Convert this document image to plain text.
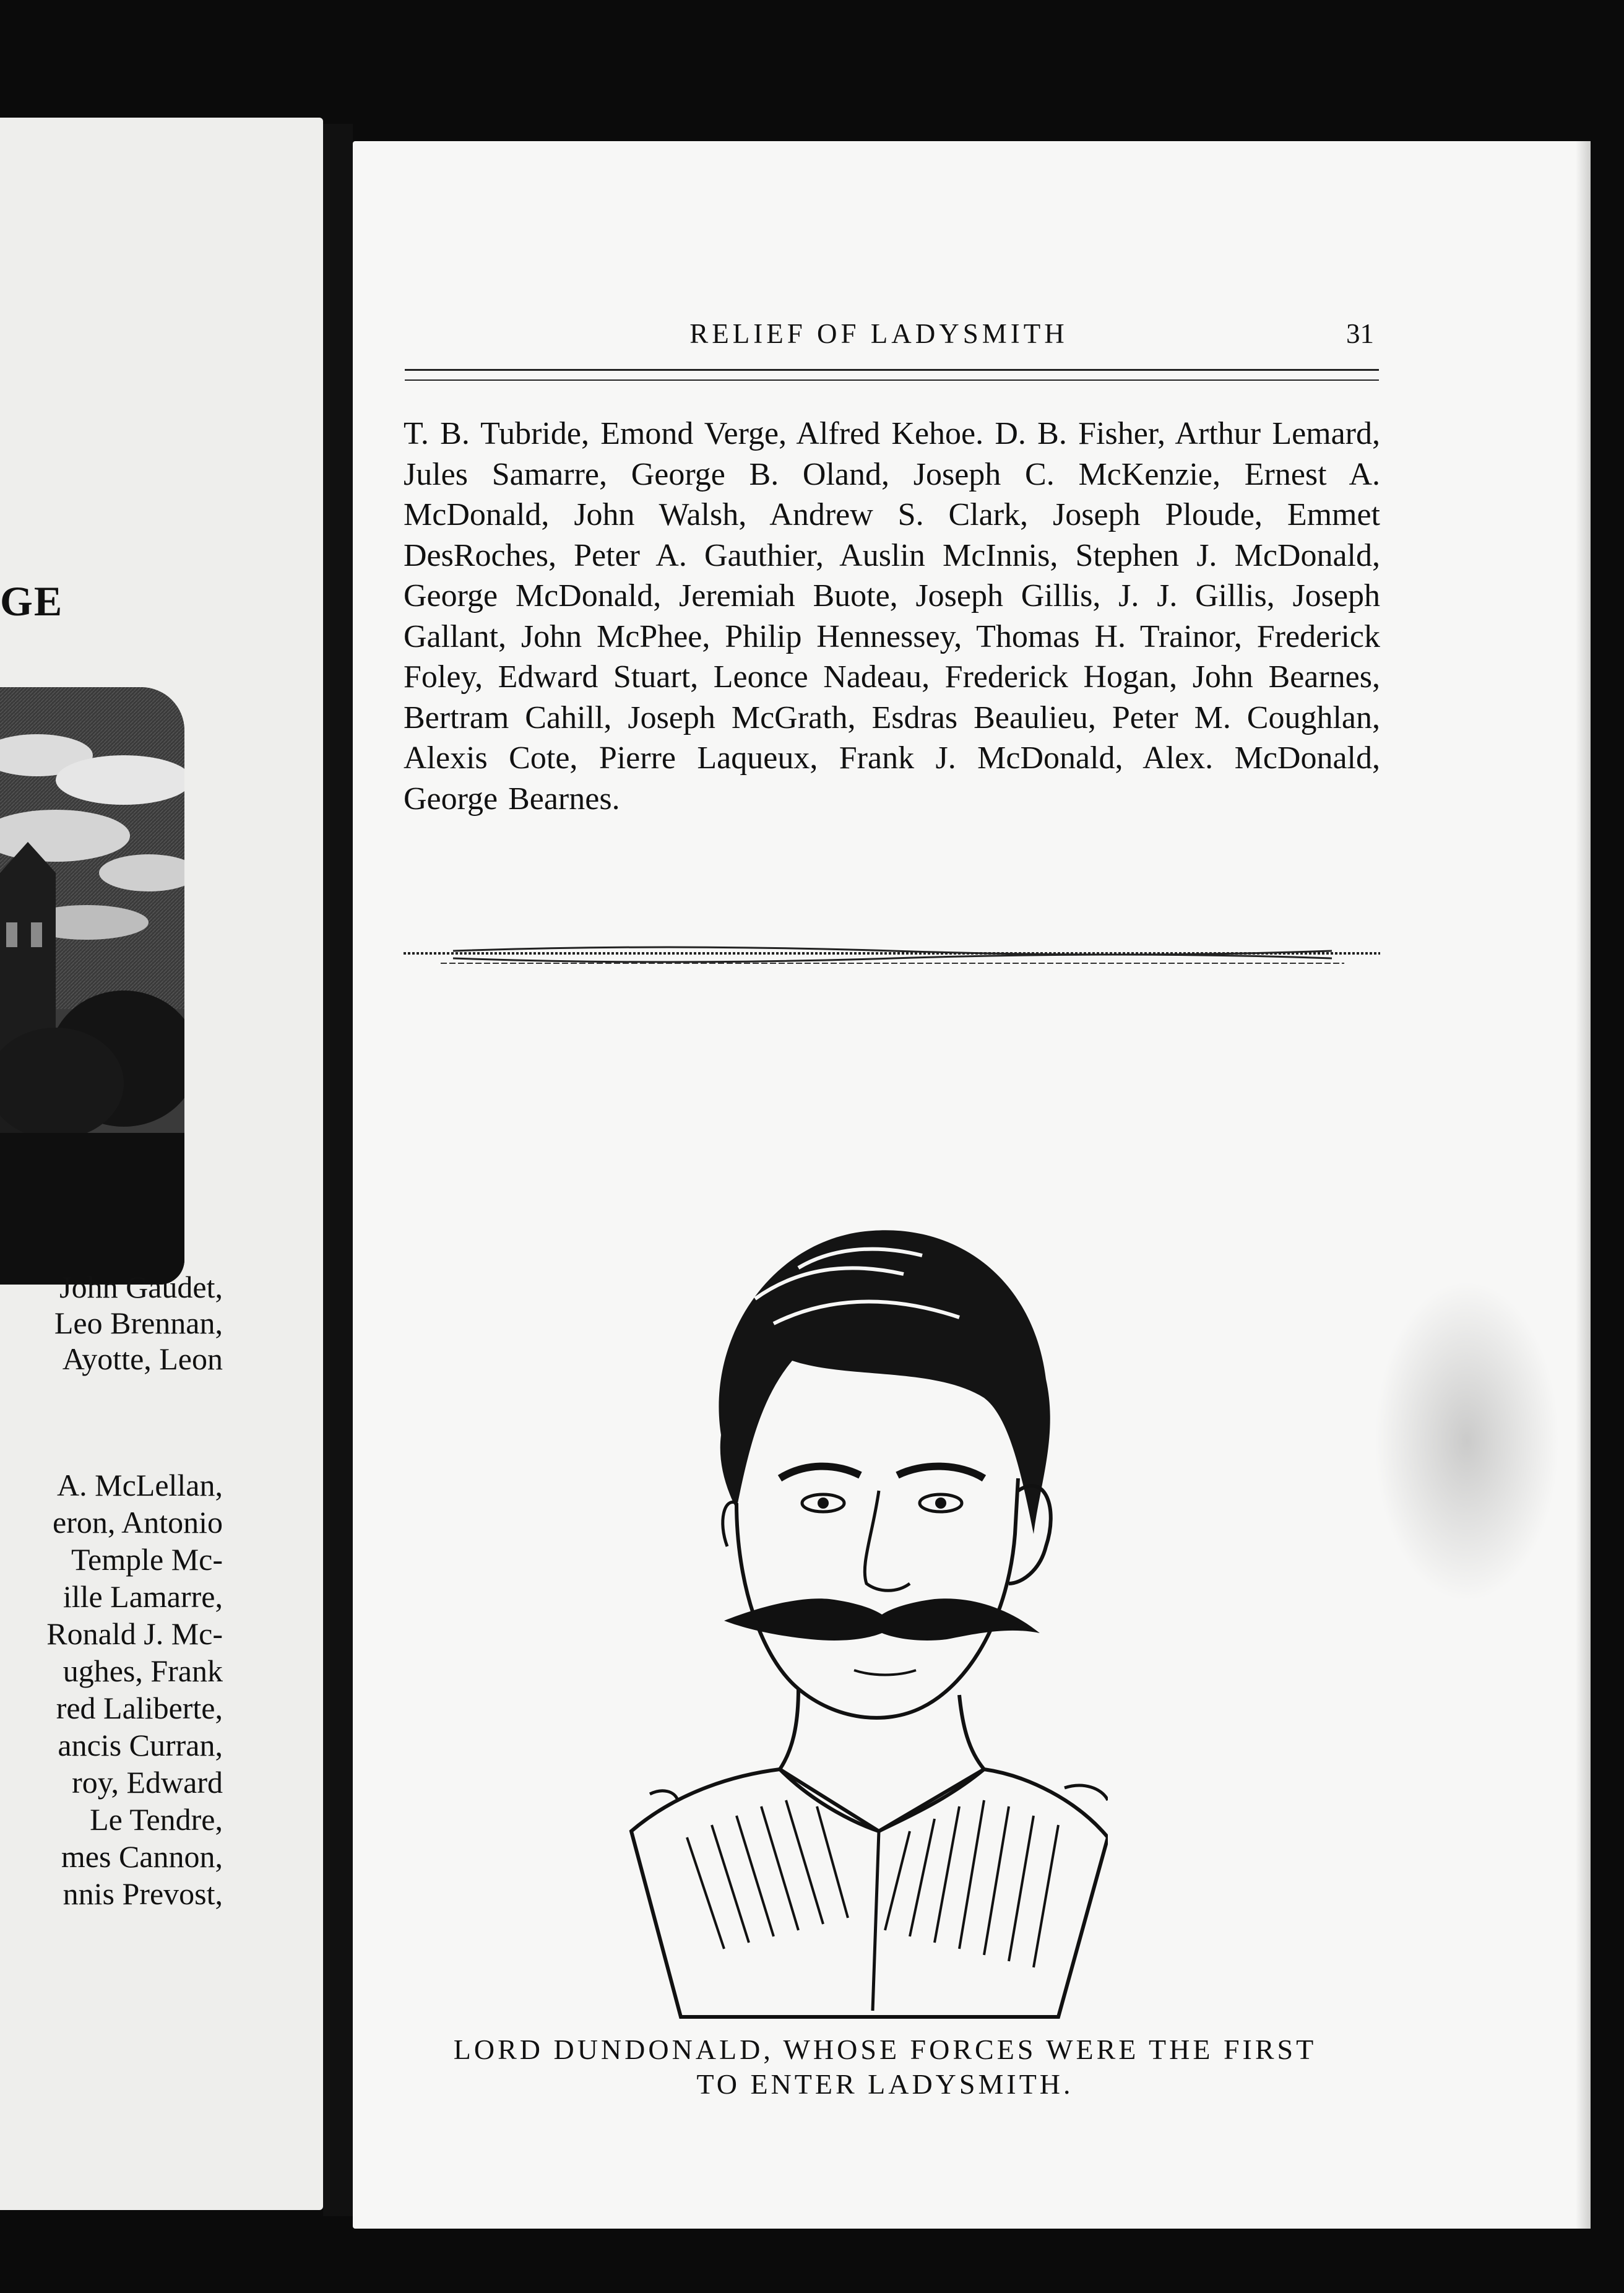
GE
John Gaudet,
Leo Brennan,
Ayotte, Leon
A. McLellan,
eron, Antonio
Temple Mc-
ille Lamarre,
Ronald J. Mc-
ughes, Frank
red Laliberte,
ancis Curran,
roy, Edward
Le Tendre,
mes Cannon,
nnis Prevost,
RELIEF OF LADYSMITH	31
T. B. Tubride, Emond Verge, Alfred Kehoe. D. B. Fisher, Arthur Lemard, Jules Samarre, George B. Oland, Joseph C. McKenzie, Ernest A. McDonald, John Walsh, Andrew S. Clark, Joseph Ploude, Emmet DesRoches, Peter A. Gauthier, Auslin McInnis, Stephen J. McDonald, George McDonald, Jeremiah Buote, Joseph Gillis, J. J. Gillis, Joseph Gallant, John McPhee, Philip Hennessey, Thomas H. Trainor, Frederick Foley, Edward Stuart, Leonce Nadeau, Frederick Hogan, John Bearnes, Bertram Cahill, Joseph McGrath, Esdras Beaulieu, Peter M. Coughlan, Alexis Cote, Pierre Laqueux, Frank J. McDonald, Alex. McDonald, George Bearnes.
LORD DUNDONALD, WHOSE FORCES WERE THE FIRST
TO ENTER LADYSMITH.
